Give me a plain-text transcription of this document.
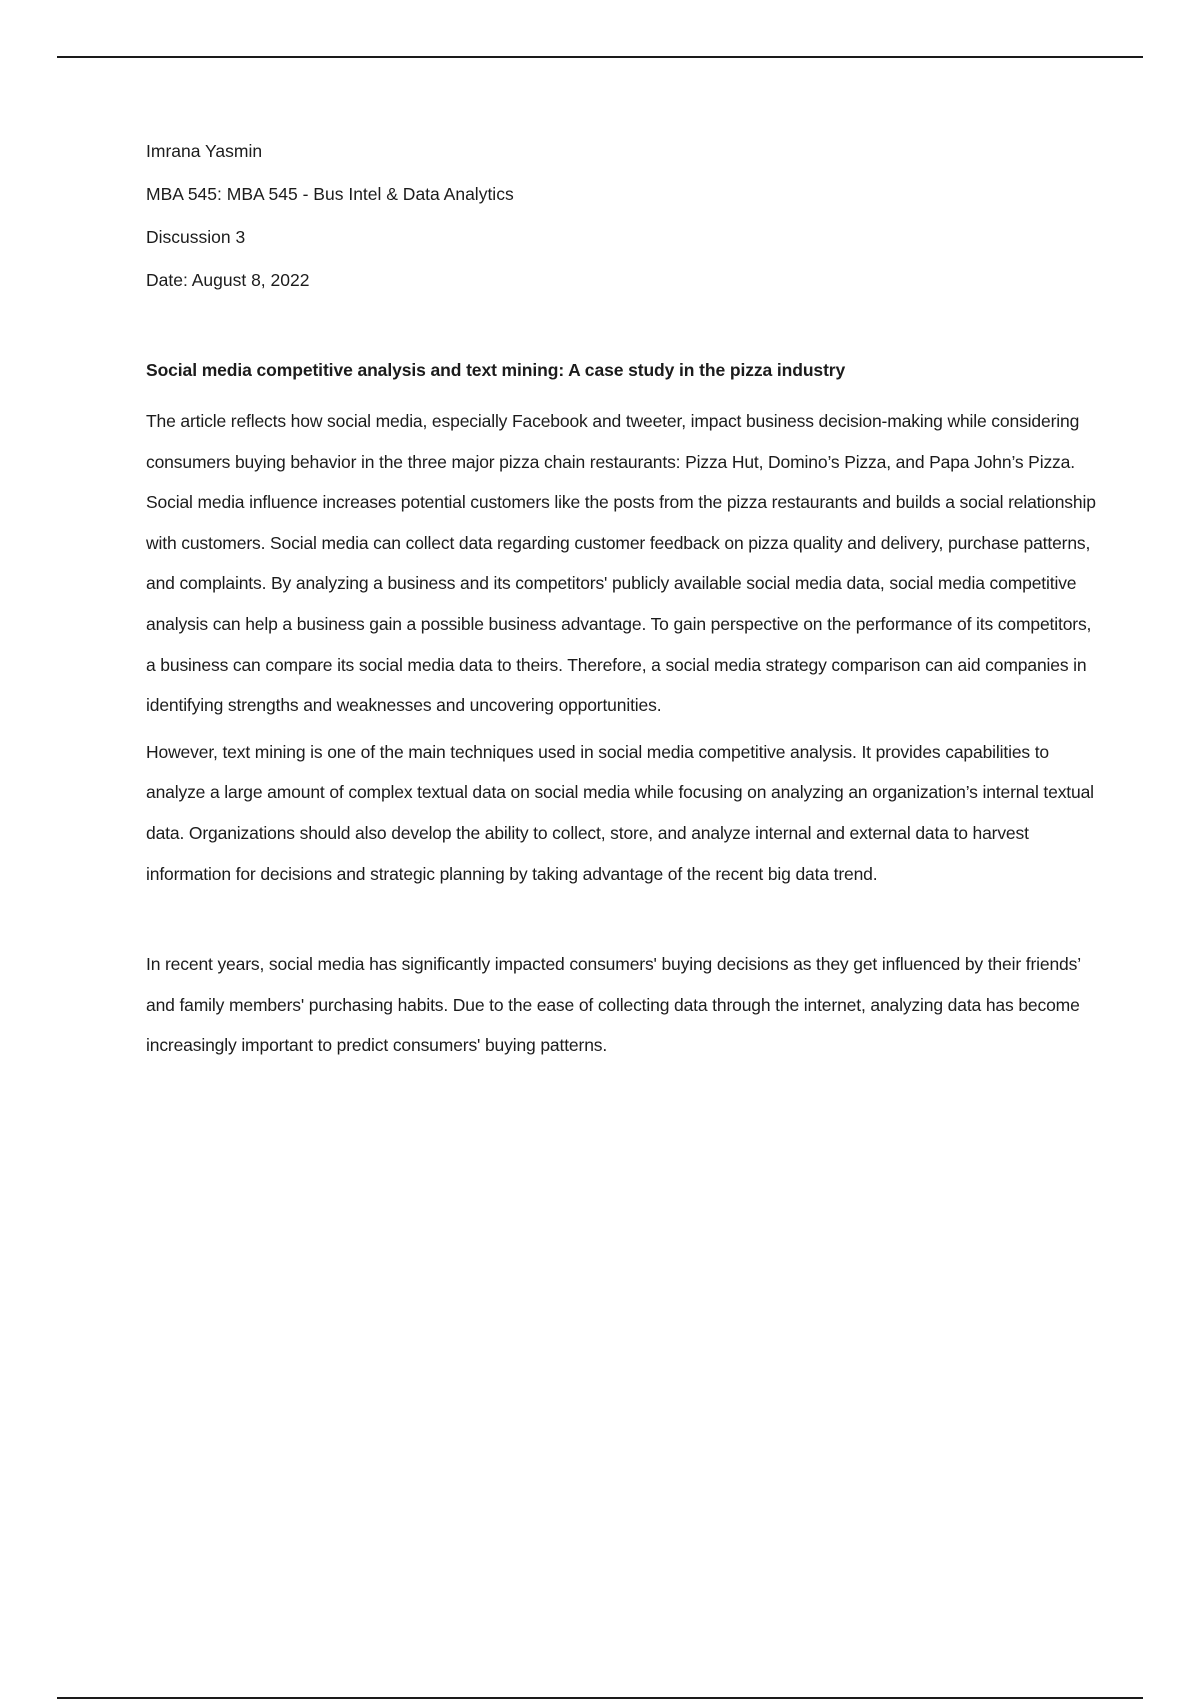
Imrana Yasmin

MBA 545: MBA 545 - Bus Intel & Data Analytics

Discussion 3

Date: August 8, 2022

Social media competitive analysis and text mining: A case study in the pizza industry

The article reflects how social media, especially Facebook and tweeter, impact business decision-making while considering consumers buying behavior in the three major pizza chain restaurants: Pizza Hut, Domino’s Pizza, and Papa John’s Pizza. Social media influence increases potential customers like the posts from the pizza restaurants and builds a social relationship with customers. Social media can collect data regarding customer feedback on pizza quality and delivery, purchase patterns, and complaints. By analyzing a business and its competitors' publicly available social media data, social media competitive analysis can help a business gain a possible business advantage. To gain perspective on the performance of its competitors, a business can compare its social media data to theirs. Therefore, a social media strategy comparison can aid companies in identifying strengths and weaknesses and uncovering opportunities.

However, text mining is one of the main techniques used in social media competitive analysis. It provides capabilities to analyze a large amount of complex textual data on social media while focusing on analyzing an organization’s internal textual data. Organizations should also develop the ability to collect, store, and analyze internal and external data to harvest information for decisions and strategic planning by taking advantage of the recent big data trend.

In recent years, social media has significantly impacted consumers' buying decisions as they get influenced by their friends’ and family members' purchasing habits. Due to the ease of collecting data through the internet, analyzing data has become increasingly important to predict consumers' buying patterns.
